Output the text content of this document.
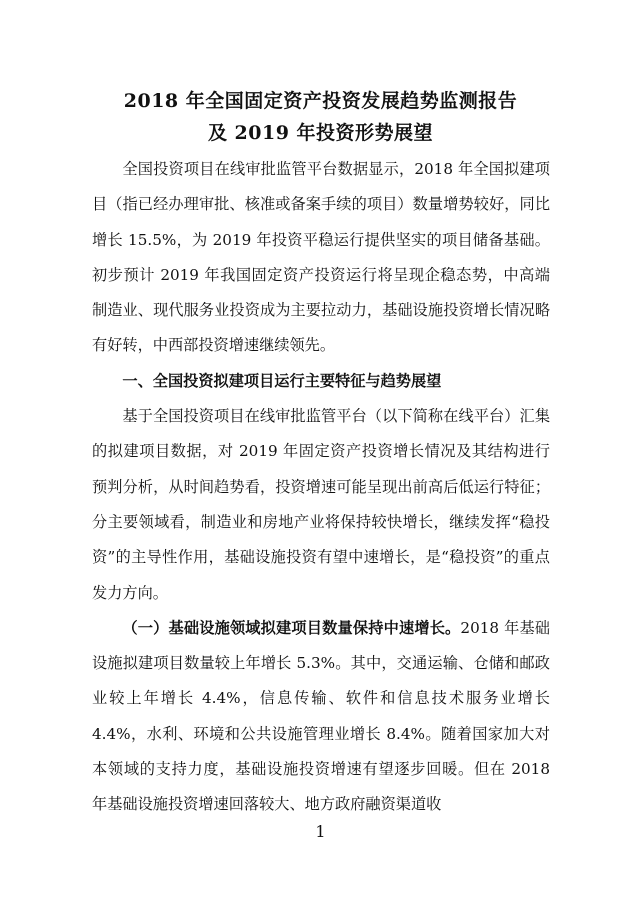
2018 年全国固定资产投资发展趋势监测报告
及 2019 年投资形势展望

全国投资项目在线审批监管平台数据显示，2018 年全国拟建项目（指已经办理审批、核准或备案手续的项目）数量增势较好，同比增长 15.5%，为 2019 年投资平稳运行提供坚实的项目储备基础。初步预计 2019 年我国固定资产投资运行将呈现企稳态势，中高端制造业、现代服务业投资成为主要拉动力，基础设施投资增长情况略有好转，中西部投资增速继续领先。

一、全国投资拟建项目运行主要特征与趋势展望

基于全国投资项目在线审批监管平台（以下简称在线平台）汇集的拟建项目数据，对 2019 年固定资产投资增长情况及其结构进行预判分析，从时间趋势看，投资增速可能呈现出前高后低运行特征；分主要领域看，制造业和房地产业将保持较快增长，继续发挥“稳投资”的主导性作用，基础设施投资有望中速增长，是“稳投资”的重点发力方向。

（一）基础设施领域拟建项目数量保持中速增长。2018 年基础设施拟建项目数量较上年增长 5.3%。其中，交通运输、仓储和邮政业较上年增长 4.4%，信息传输、软件和信息技术服务业增长 4.4%，水利、环境和公共设施管理业增长 8.4%。随着国家加大对本领域的支持力度，基础设施投资增速有望逐步回暖。但在 2018 年基础设施投资增速回落较大、地方政府融资渠道收

1
